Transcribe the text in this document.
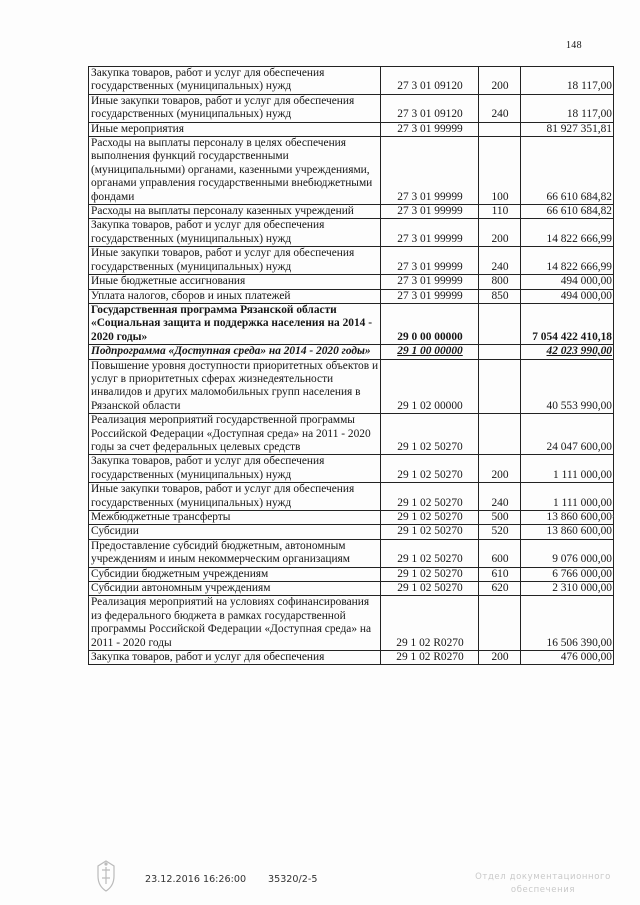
148
Закупка товаров, работ и услуг для обеспечения государственных (муниципальных) нужд	27 3 01 09120	200	18 117,00
Иные закупки товаров, работ и услуг для обеспечения государственных (муниципальных) нужд	27 3 01 09120	240	18 117,00
Иные мероприятия	27 3 01 99999		81 927 351,81
Расходы на выплаты персоналу в целях обеспечения выполнения функций государственными (муниципальными) органами, казенными учреждениями, органами управления государственными внебюджетными фондами	27 3 01 99999	100	66 610 684,82
Расходы на выплаты персоналу казенных учреждений	27 3 01 99999	110	66 610 684,82
Закупка товаров, работ и услуг для обеспечения государственных (муниципальных) нужд	27 3 01 99999	200	14 822 666,99
Иные закупки товаров, работ и услуг для обеспечения государственных (муниципальных) нужд	27 3 01 99999	240	14 822 666,99
Иные бюджетные ассигнования	27 3 01 99999	800	494 000,00
Уплата налогов, сборов и иных платежей	27 3 01 99999	850	494 000,00
Государственная программа Рязанской области «Социальная защита и поддержка населения на 2014 - 2020 годы»	29 0 00 00000		7 054 422 410,18
Подпрограмма «Доступная среда» на 2014 - 2020 годы»	29 1 00 00000		42 023 990,00
Повышение уровня доступности приоритетных объектов и услуг в приоритетных сферах жизнедеятельности инвалидов и других маломобильных групп населения в Рязанской области	29 1 02 00000		40 553 990,00
Реализация мероприятий государственной программы Российской Федерации «Доступная среда» на 2011 - 2020 годы за счет федеральных целевых средств	29 1 02 50270		24 047 600,00
Закупка товаров, работ и услуг для обеспечения государственных (муниципальных) нужд	29 1 02 50270	200	1 111 000,00
Иные закупки товаров, работ и услуг для обеспечения государственных (муниципальных) нужд	29 1 02 50270	240	1 111 000,00
Межбюджетные трансферты	29 1 02 50270	500	13 860 600,00
Субсидии	29 1 02 50270	520	13 860 600,00
Предоставление субсидий бюджетным, автономным учреждениям и иным некоммерческим организациям	29 1 02 50270	600	9 076 000,00
Субсидии бюджетным учреждениям	29 1 02 50270	610	6 766 000,00
Субсидии автономным учреждениям	29 1 02 50270	620	2 310 000,00
Реализация мероприятий на условиях софинансирования из федерального бюджета в рамках государственной программы Российской Федерации «Доступная среда» на 2011 - 2020 годы	29 1 02 R0270		16 506 390,00
Закупка товаров, работ и услуг для обеспечения	29 1 02 R0270	200	476 000,00
,
23.12.2016 16:26:00 35320/2-5	Отдел документационного
обеспечения
